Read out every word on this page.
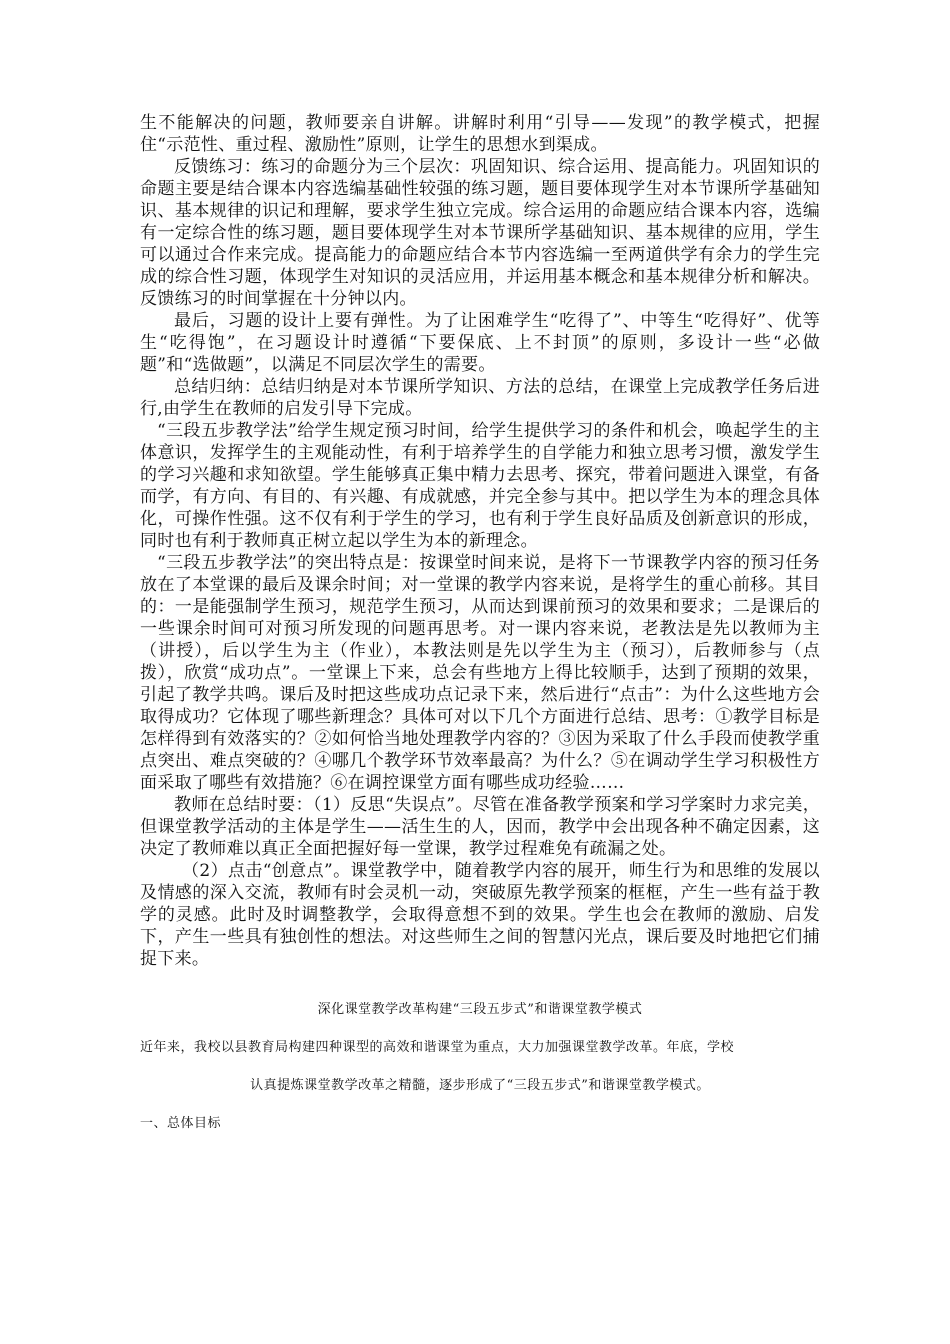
生不能解决的问题，教师要亲自讲解。讲解时利用“引导——发现”的教学模式，把握住“示范性、重过程、激励性”原则，让学生的思想水到渠成。

反馈练习：练习的命题分为三个层次：巩固知识、综合运用、提高能力。巩固知识的命题主要是结合课本内容选编基础性较强的练习题，题目要体现学生对本节课所学基础知识、基本规律的识记和理解，要求学生独立完成。综合运用的命题应结合课本内容，选编有一定综合性的练习题，题目要体现学生对本节课所学基础知识、基本规律的应用，学生可以通过合作来完成。提高能力的命题应结合本节内容选编一至两道供学有余力的学生完成的综合性习题，体现学生对知识的灵活应用，并运用基本概念和基本规律分析和解决。反馈练习的时间掌握在十分钟以内。

最后，习题的设计上要有弹性。为了让困难学生“吃得了”、中等生“吃得好”、优等生“吃得饱”，在习题设计时遵循“下要保底、上不封顶”的原则，多设计一些“必做题”和“选做题”，以满足不同层次学生的需要。

总结归纳：总结归纳是对本节课所学知识、方法的总结，在课堂上完成教学任务后进行,由学生在教师的启发引导下完成。

“三段五步教学法”给学生规定预习时间，给学生提供学习的条件和机会，唤起学生的主体意识，发挥学生的主观能动性，有利于培养学生的自学能力和独立思考习惯，激发学生的学习兴趣和求知欲望。学生能够真正集中精力去思考、探究，带着问题进入课堂，有备而学，有方向、有目的、有兴趣、有成就感，并完全参与其中。把以学生为本的理念具体化，可操作性强。这不仅有利于学生的学习，也有利于学生良好品质及创新意识的形成，同时也有利于教师真正树立起以学生为本的新理念。

“三段五步教学法”的突出特点是：按课堂时间来说，是将下一节课教学内容的预习任务放在了本堂课的最后及课余时间；对一堂课的教学内容来说，是将学生的重心前移。其目的：一是能强制学生预习，规范学生预习，从而达到课前预习的效果和要求；二是课后的一些课余时间可对预习所发现的问题再思考。对一课内容来说，老教法是先以教师为主（讲授），后以学生为主（作业），本教法则是先以学生为主（预习），后教师参与（点拨），欣赏“成功点”。一堂课上下来，总会有些地方上得比较顺手，达到了预期的效果，引起了教学共鸣。课后及时把这些成功点记录下来，然后进行“点击”：为什么这些地方会取得成功？它体现了哪些新理念？具体可对以下几个方面进行总结、思考：①教学目标是怎样得到有效落实的？②如何恰当地处理教学内容的？③因为采取了什么手段而使教学重点突出、难点突破的？④哪几个教学环节效率最高？为什么？⑤在调动学生学习积极性方面采取了哪些有效措施？⑥在调控课堂方面有哪些成功经验……

教师在总结时要：（1）反思“失误点”。尽管在准备教学预案和学习学案时力求完美，但课堂教学活动的主体是学生——活生生的人，因而，教学中会出现各种不确定因素，这决定了教师难以真正全面把握好每一堂课，教学过程难免有疏漏之处。

（2）点击“创意点”。课堂教学中，随着教学内容的展开，师生行为和思维的发展以及情感的深入交流，教师有时会灵机一动，突破原先教学预案的框框，产生一些有益于教学的灵感。此时及时调整教学，会取得意想不到的效果。学生也会在教师的激励、启发下，产生一些具有独创性的想法。对这些师生之间的智慧闪光点，课后要及时地把它们捕捉下来。

深化课堂教学改革构建“三段五步式”和谐课堂教学模式

近年来，我校以县教育局构建四种课型的高效和谐课堂为重点，大力加强课堂教学改革。年底，学校

认真提炼课堂教学改革之精髓，逐步形成了“三段五步式”和谐课堂教学模式。

一、总体目标
